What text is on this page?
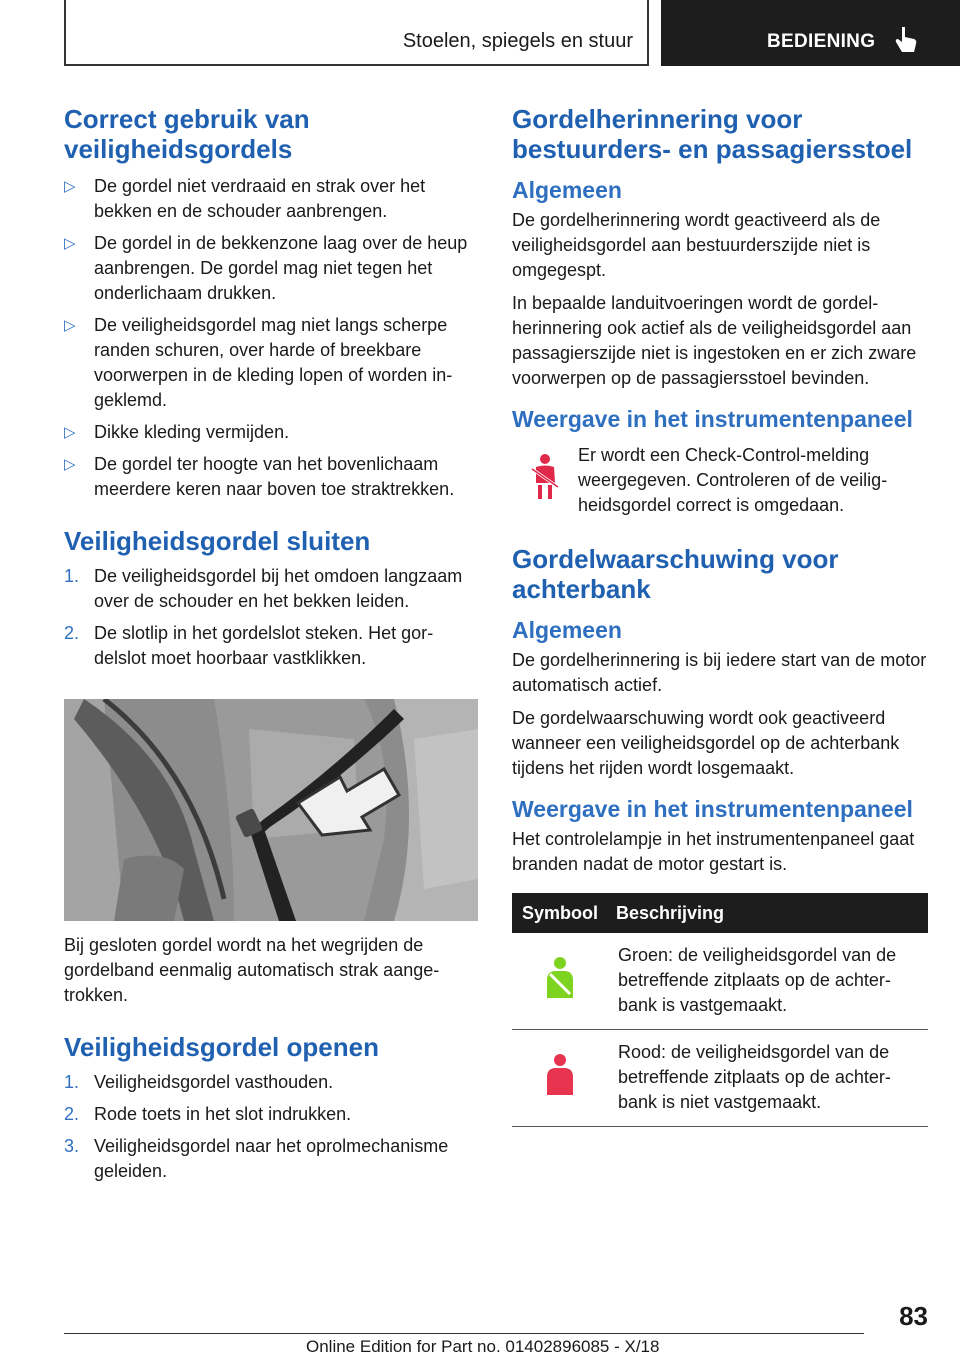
Stoelen, spiegels en stuur	BEDIENING
Correct gebruik van veiligheidsgordels
▷ De gordel niet verdraaid en strak over het bekken en de schouder aanbrengen.
▷ De gordel in de bekkenzone laag over de heup aanbrengen. De gordel mag niet tegen het onderlichaam drukken.
▷ De veiligheidsgordel mag niet langs scherpe randen schuren, over harde of breekbare voorwerpen in de kleding lopen of worden ingeklemd.
▷ Dikke kleding vermijden.
▷ De gordel ter hoogte van het bovenlichaam meerdere keren naar boven toe straktrekken.
Veiligheidsgordel sluiten
1. De veiligheidsgordel bij het omdoen langzaam over de schouder en het bekken leiden.
2. De slotlip in het gordelslot steken. Het gordelslot moet hoorbaar vastklikken.

Bij gesloten gordel wordt na het wegrijden de gordelband eenmalig automatisch strak aangetrokken.

Veiligheidsgordel openen
1. Veiligheidsgordel vasthouden.
2. Rode toets in het slot indrukken.
3. Veiligheidsgordel naar het oprolmechanisme geleiden.
Gordelherinnering voor bestuurders- en passagiersstoel
Algemeen

De gordelherinnering wordt geactiveerd als de veiligheidsgordel aan bestuurderszijde niet is omgegespt.

In bepaalde landuitvoeringen wordt de gordelherinnering ook actief als de veiligheidsgordel aan passagierszijde niet is ingestoken en er zich zware voorwerpen op de passagiersstoel bevinden.

Weergave in het instrumentenpaneel

Er wordt een Check-Control-melding weergegeven. Controleren of de veiligheidsgordel correct is omgedaan.

Gordelwaarschuwing voor achterbank
Algemeen

De gordelherinnering is bij iedere start van de motor automatisch actief.

De gordelwaarschuwing wordt ook geactiveerd wanneer een veiligheidsgordel op de achterbank tijdens het rijden wordt losgemaakt.

Weergave in het instrumentenpaneel

Het controlelampje in het instrumentenpaneel gaat branden nadat de motor gestart is.

Symbool	Beschrijving
	Groen: de veiligheidsgordel van de betreffende zitplaats op de achterbank is vastgemaakt.
	Rood: de veiligheidsgordel van de betreffende zitplaats op de achterbank is niet vastgemaakt.
83
Online Edition for Part no. 01402896085 - X/18
